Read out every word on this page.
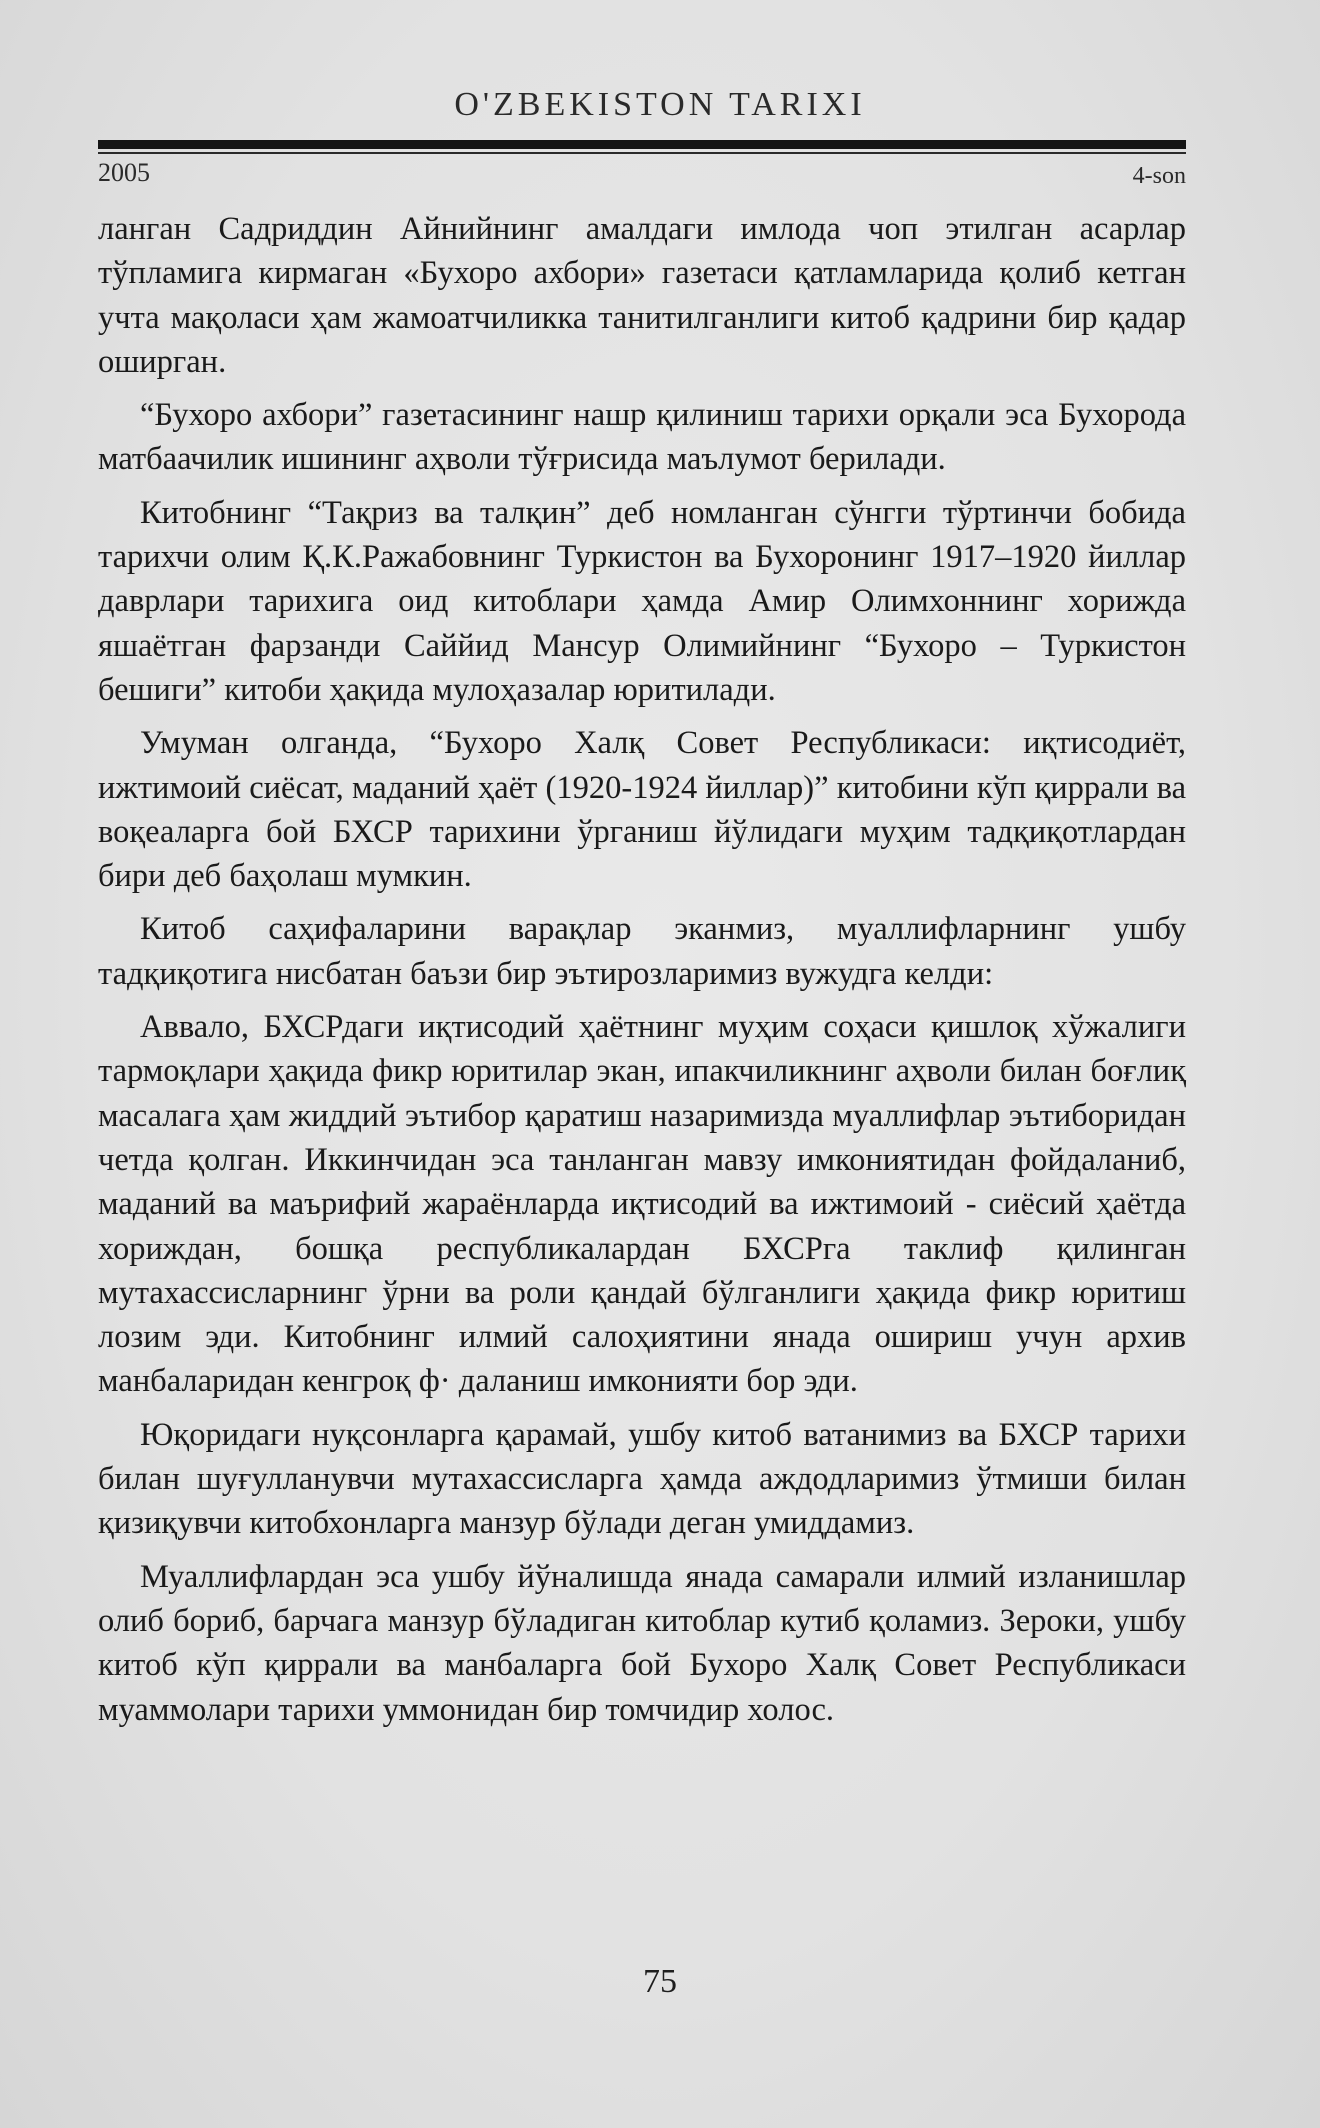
O'ZBEKISTON TARIXI
2005	4-son

ланган Садриддин Айнийнинг амалдаги имлода чоп этилган асарлар тўпламига кирмаган «Бухоро ахбори» газетаси қатламларида қолиб кетган учта мақоласи ҳам жамоатчиликка танитилганлиги китоб қадрини бир қадар оширган.

“Бухоро ахбори” газетасининг нашр қилиниш тарихи орқали эса Бухорода матбаачилик ишининг аҳволи тўғрисида маълумот берилади.

Китобнинг “Тақриз ва талқин” деб номланган сўнгги тўртинчи бобида тарихчи олим Қ.К.Ражабовнинг Туркистон ва Бухоронинг 1917–1920 йиллар даврлари тарихига оид китоблари ҳамда Амир Олимхоннинг хорижда яшаётган фарзанди Саййид Мансур Олимийнинг “Бухоро – Туркистон бешиги” китоби ҳақида мулоҳазалар юритилади.

Умуман олганда, “Бухоро Халқ Совет Республикаси: иқтисодиёт, ижтимоий сиёсат, маданий ҳаёт (1920-1924 йиллар)” китобини кўп қиррали ва воқеаларга бой БХСР тарихини ўрганиш йўлидаги муҳим тадқиқотлардан бири деб баҳолаш мумкин.

Китоб саҳифаларини варақлар эканмиз, муаллифларнинг ушбу тадқиқотига нисбатан баъзи бир эътирозларимиз вужудга келди:

Аввало, БХСРдаги иқтисодий ҳаётнинг муҳим соҳаси қишлоқ хўжалиги тармоқлари ҳақида фикр юритилар экан, ипакчиликнинг аҳволи билан боғлиқ масалага ҳам жиддий эътибор қаратиш назаримизда муаллифлар эътиборидан четда қолган. Иккинчидан эса танланган мавзу имкониятидан фойдаланиб, маданий ва маърифий жараёнларда иқтисодий ва ижтимоий - сиёсий ҳаётда хориждан, бошқа республикалардан БХСРга таклиф қилинган мутахассисларнинг ўрни ва роли қандай бўлганлиги ҳақида фикр юритиш лозим эди. Китобнинг илмий салоҳиятини янада ошириш учун архив манбаларидан кенгроқ ф· даланиш имконияти бор эди.

Юқоридаги нуқсонларга қарамай, ушбу китоб ватанимиз ва БХСР тарихи билан шуғулланувчи мутахассисларга ҳамда аждодларимиз ўтмиши билан қизиқувчи китобхонларга манзур бўлади деган умиддамиз.

Муаллифлардан эса ушбу йўналишда янада самарали илмий изланишлар олиб бориб, барчага манзур бўладиган китоблар кутиб қоламиз. Зероки, ушбу китоб кўп қиррали ва манбаларга бой Бухоро Халқ Совет Республикаси муаммолари тарихи уммонидан бир томчидир холос.

75
